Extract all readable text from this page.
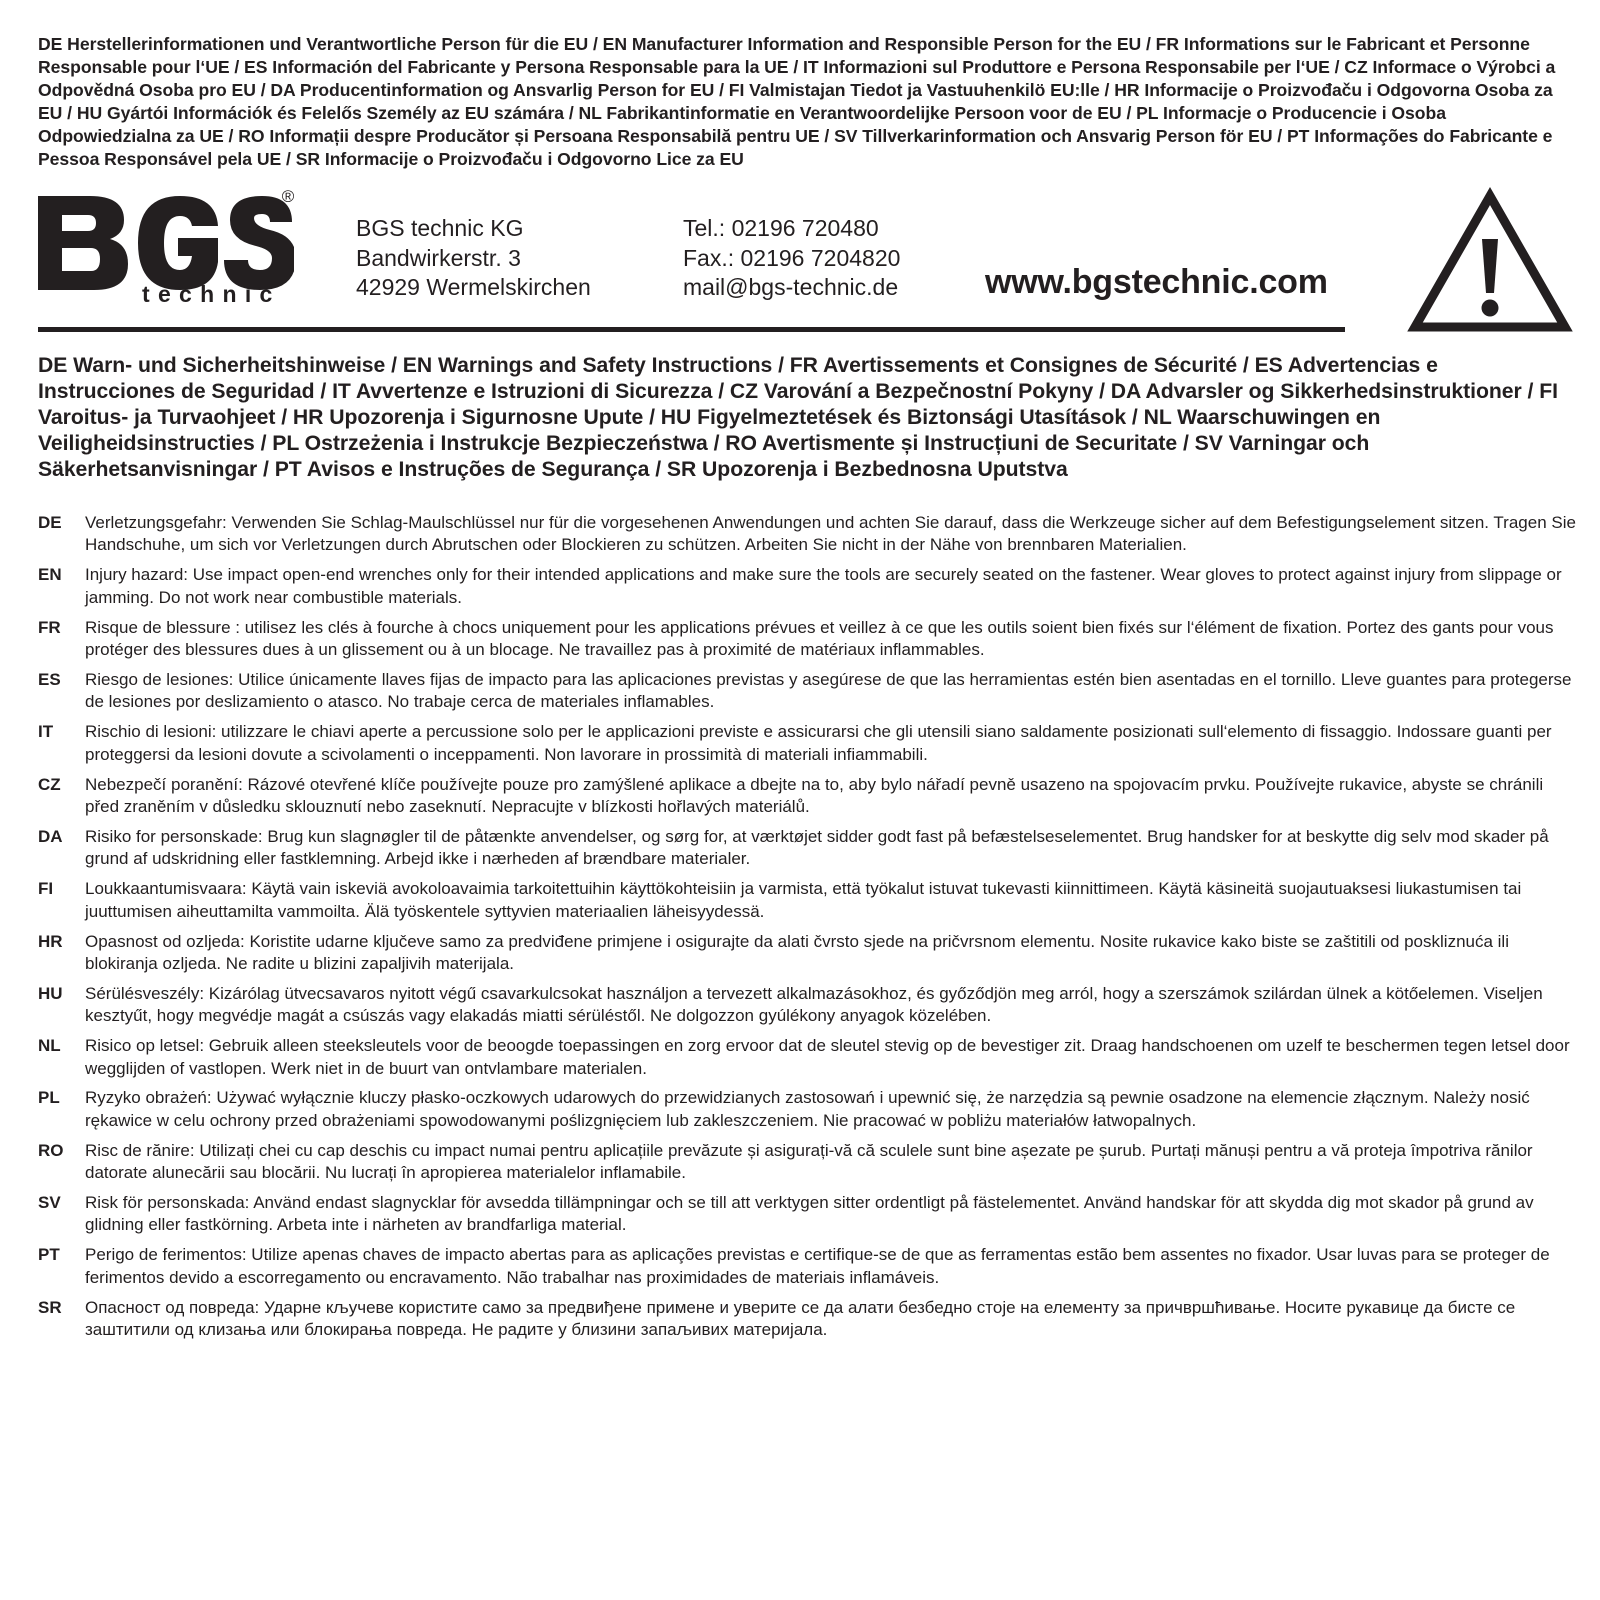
DE Herstellerinformationen und Verantwortliche Person für die EU / EN Manufacturer Information and Responsible Person for the EU / FR Informations sur le Fabricant et Personne Responsable pour l‘UE / ES Información del Fabricante y Persona Responsable para la UE / IT Informazioni sul Produttore e Persona Responsabile per l‘UE / CZ Informace o Výrobci a Odpovědná Osoba pro EU / DA Producentinformation og Ansvarlig Person for EU / FI Valmistajan Tiedot ja Vastuuhenkilö EU:lle / HR Informacije o Proizvođaču i Odgovorna Osoba za EU / HU Gyártói Információk és Felelős Személy az EU számára / NL Fabrikantinformatie en Verantwoordelijke Persoon voor de EU / PL Informacje o Producencie i Osoba Odpowiedzialna za UE / RO Informații despre Producător și Persoana Responsabilă pentru UE / SV Tillverkarinformation och Ansvarig Person för EU / PT Informações do Fabricante e Pessoa Responsável pela UE / SR Informacije o Proizvođaču i Odgovorno Lice za EU
®
technic
BGS technic KG
Bandwirkerstr. 3
42929 Wermelskirchen
Tel.: 02196 720480
Fax.: 02196 7204820
mail@bgs-technic.de	www.bgstechnic.com
DE Warn- und Sicherheitshinweise / EN Warnings and Safety Instructions / FR Avertissements et Consignes de Sécurité / ES Advertencias e Instrucciones de Seguridad / IT Avvertenze e Istruzioni di Sicurezza / CZ Varování a Bezpečnostní Pokyny / DA Advarsler og Sikkerhedsinstruktioner / FI Varoitus- ja Turvaohjeet / HR Upozorenja i Sigurnosne Upute / HU Figyelmeztetések és Biztonsági Utasítások / NL Waarschuwingen en Veiligheidsinstructies / PL Ostrzeżenia i Instrukcje Bezpieczeństwa / RO Avertismente și Instrucțiuni de Securitate / SV Varningar och Säkerhetsanvisningar / PT Avisos e Instruções de Segurança / SR Upozorenja i Bezbednosna Uputstva
DE	Verletzungsgefahr: Verwenden Sie Schlag-Maulschlüssel nur für die vorgesehenen Anwendungen und achten Sie darauf, dass die Werkzeuge sicher auf dem Befestigungselement sitzen. Tragen Sie Handschuhe, um sich vor Verletzungen durch Abrutschen oder Blockieren zu schützen. Arbeiten Sie nicht in der Nähe von brennbaren Materialien.
EN	Injury hazard: Use impact open-end wrenches only for their intended applications and make sure the tools are securely seated on the fastener. Wear gloves to protect against injury from slippage or jamming. Do not work near combustible materials.
FR	Risque de blessure : utilisez les clés à fourche à chocs uniquement pour les applications prévues et veillez à ce que les outils soient bien fixés sur l‘élément de fixation. Portez des gants pour vous protéger des blessures dues à un glissement ou à un blocage. Ne travaillez pas à proximité de matériaux inflammables.
ES	Riesgo de lesiones: Utilice únicamente llaves fijas de impacto para las aplicaciones previstas y asegúrese de que las herramientas estén bien asentadas en el tornillo. Lleve guantes para protegerse de lesiones por deslizamiento o atasco. No trabaje cerca de materiales inflamables.
IT	Rischio di lesioni: utilizzare le chiavi aperte a percussione solo per le applicazioni previste e assicurarsi che gli utensili siano saldamente posizionati sull‘elemento di fissaggio. Indossare guanti per proteggersi da lesioni dovute a scivolamenti o inceppamenti. Non lavorare in prossimità di materiali infiammabili.
CZ	Nebezpečí poranění: Rázové otevřené klíče používejte pouze pro zamýšlené aplikace a dbejte na to, aby bylo nářadí pevně usazeno na spojovacím prvku. Používejte rukavice, abyste se chránili před zraněním v důsledku sklouznutí nebo zaseknutí. Nepracujte v blízkosti hořlavých materiálů.
DA	Risiko for personskade: Brug kun slagnøgler til de påtænkte anvendelser, og sørg for, at værktøjet sidder godt fast på befæstelseselementet. Brug handsker for at beskytte dig selv mod skader på grund af udskridning eller fastklemning. Arbejd ikke i nærheden af brændbare materialer.
FI	Loukkaantumisvaara: Käytä vain iskeviä avokoloavaimia tarkoitettuihin käyttökohteisiin ja varmista, että työkalut istuvat tukevasti kiinnittimeen. Käytä käsineitä suojautuaksesi liukastumisen tai juuttumisen aiheuttamilta vammoilta. Älä työskentele syttyvien materiaalien läheisyydessä.
HR	Opasnost od ozljeda: Koristite udarne ključeve samo za predviđene primjene i osigurajte da alati čvrsto sjede na pričvrsnom elementu. Nosite rukavice kako biste se zaštitili od poskliznuća ili blokiranja ozljeda. Ne radite u blizini zapaljivih materijala.
HU	Sérülésveszély: Kizárólag ütvecsavaros nyitott végű csavarkulcsokat használjon a tervezett alkalmazásokhoz, és győződjön meg arról, hogy a szerszámok szilárdan ülnek a kötőelemen. Viseljen kesztyűt, hogy megvédje magát a csúszás vagy elakadás miatti sérüléstől. Ne dolgozzon gyúlékony anyagok közelében.
NL	Risico op letsel: Gebruik alleen steeksleutels voor de beoogde toepassingen en zorg ervoor dat de sleutel stevig op de bevestiger zit. Draag handschoenen om uzelf te beschermen tegen letsel door wegglijden of vastlopen. Werk niet in de buurt van ontvlambare materialen.
PL	Ryzyko obrażeń: Używać wyłącznie kluczy płasko-oczkowych udarowych do przewidzianych zastosowań i upewnić się, że narzędzia są pewnie osadzone na elemencie złącznym. Należy nosić rękawice w celu ochrony przed obrażeniami spowodowanymi poślizgnięciem lub zakleszczeniem. Nie pracować w pobliżu materiałów łatwopalnych.
RO	Risc de rănire: Utilizați chei cu cap deschis cu impact numai pentru aplicațiile prevăzute și asigurați-vă că sculele sunt bine așezate pe șurub. Purtați mănuși pentru a vă proteja împotriva rănilor datorate alunecării sau blocării. Nu lucrați în apropierea materialelor inflamabile.
SV	Risk för personskada: Använd endast slagnycklar för avsedda tillämpningar och se till att verktygen sitter ordentligt på fästelementet. Använd handskar för att skydda dig mot skador på grund av glidning eller fastkörning. Arbeta inte i närheten av brandfarliga material.
PT	Perigo de ferimentos: Utilize apenas chaves de impacto abertas para as aplicações previstas e certifique-se de que as ferramentas estão bem assentes no fixador. Usar luvas para se proteger de ferimentos devido a escorregamento ou encravamento. Não trabalhar nas proximidades de materiais inflamáveis.
SR	Опасност од повреда: Ударне кључеве користите само за предвиђене примене и уверите се да алати безбедно стоје на елементу за причвршћивање. Носите рукавице да бисте се заштитили од клизања или блокирања повреда. Не радите у близини запаљивих материјала.
